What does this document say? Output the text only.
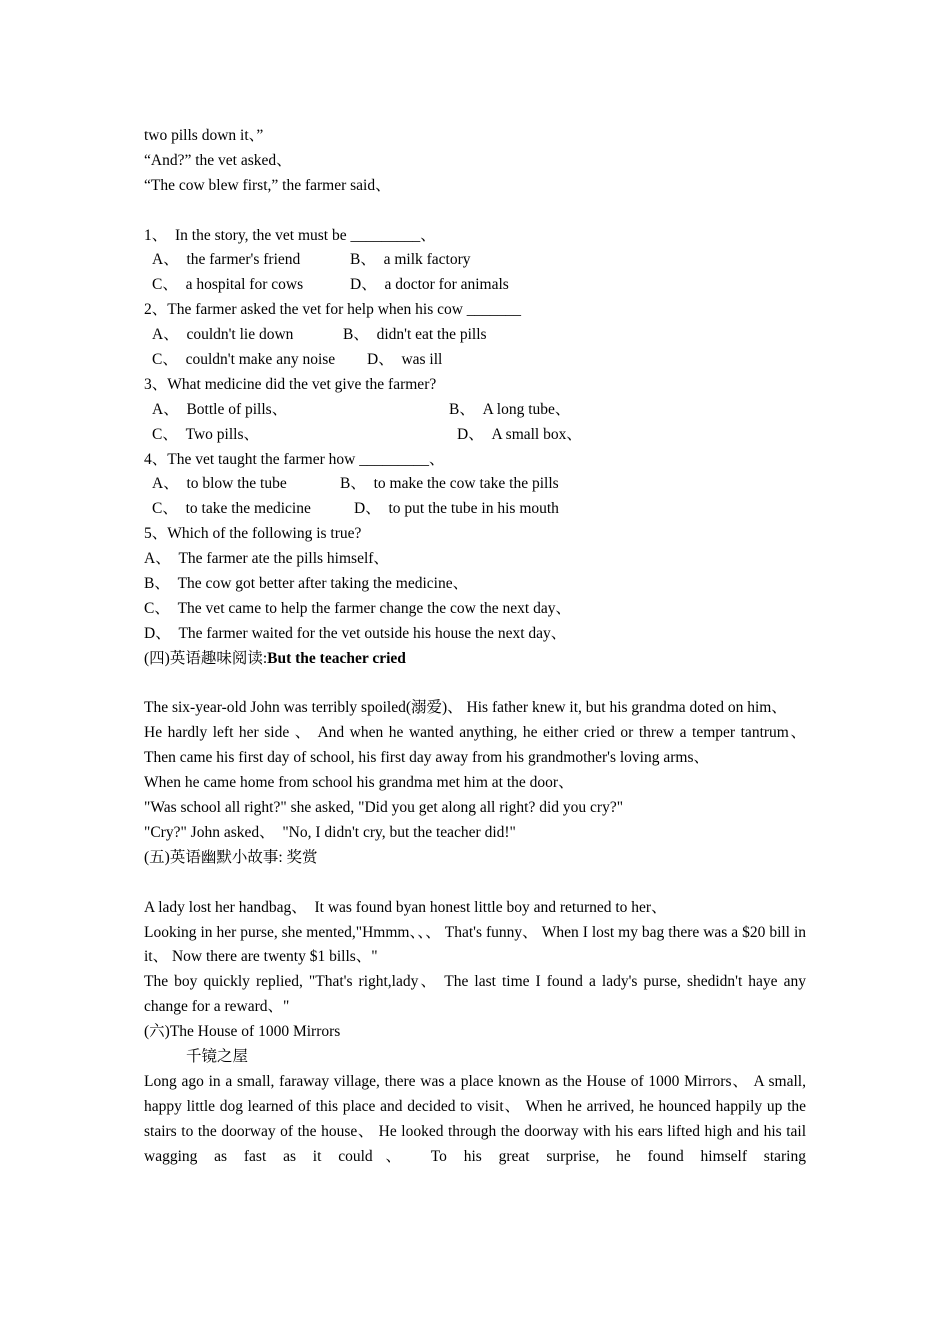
two pills down it、”
“And?” the vet asked、
“The cow blew first,” the farmer said、
1、  In the story, the vet must be _________、

A、  the farmer's friend

	B、  a milk factory

C、  a hospital for cows

	D、  a doctor for animals

2、The farmer asked the vet for help when his cow _______

A、  couldn't lie down

	B、  didn't eat the pills

C、  couldn't make any noise

D、  was ill

3、What medicine did the vet give the farmer?

A、  Bottle of pills、

	B、  A long tube、

C、  Two pills、

	D、  A small box、

4、The vet taught the farmer how _________、

A、  to blow the tube

	B、  to make the cow take the pills

C、  to take the medicine

	D、  to put the tube in his mouth

5、Which of the following is true?
A、  The farmer ate the pills himself、
B、  The cow got better after taking the medicine、
C、  The vet came to help the farmer change the cow the next day、
D、  The farmer waited for the vet outside his house the next day、
(四)英语趣味阅读:But the teacher cried
The six-year-old John was terribly spoiled(溺爱)、 His father knew it, but his grandma doted on him、
He hardly left her side 、 And when he wanted anything, he either cried or threw a temper tantrum、 Then came his first day of school, his first day away from his grandmother's loving arms、
When he came home from school his grandma met him at the door、
"Was school all right?" she asked, "Did you get along all right? did you cry?"
"Cry?" John asked、  "No, I didn't cry, but the teacher did!"
(五)英语幽默小故事: 奖赏
A lady lost her handbag、  It was found byan honest little boy and returned to her、
Looking in her purse, she mented,"Hmmm、、、 That's funny、 When I lost my bag there was a $20 bill in it、 Now there are twenty $1 bills、"
The boy quickly replied, "That's right,lady、 The last time I found a lady's purse, shedidn't haye any change for a reward、"
(六)The House of 1000 Mirrors
千镜之屋
Long ago in a small, faraway village, there was a place known as the House of 1000 Mirrors、 A small, happy little dog learned of this place and decided to visit、 When he arrived, he hounced happily up the stairs to the doorway of the house、 He looked through the doorway with his ears lifted high and his tail wagging as fast as it could、 To his great surprise, he found himself staring
